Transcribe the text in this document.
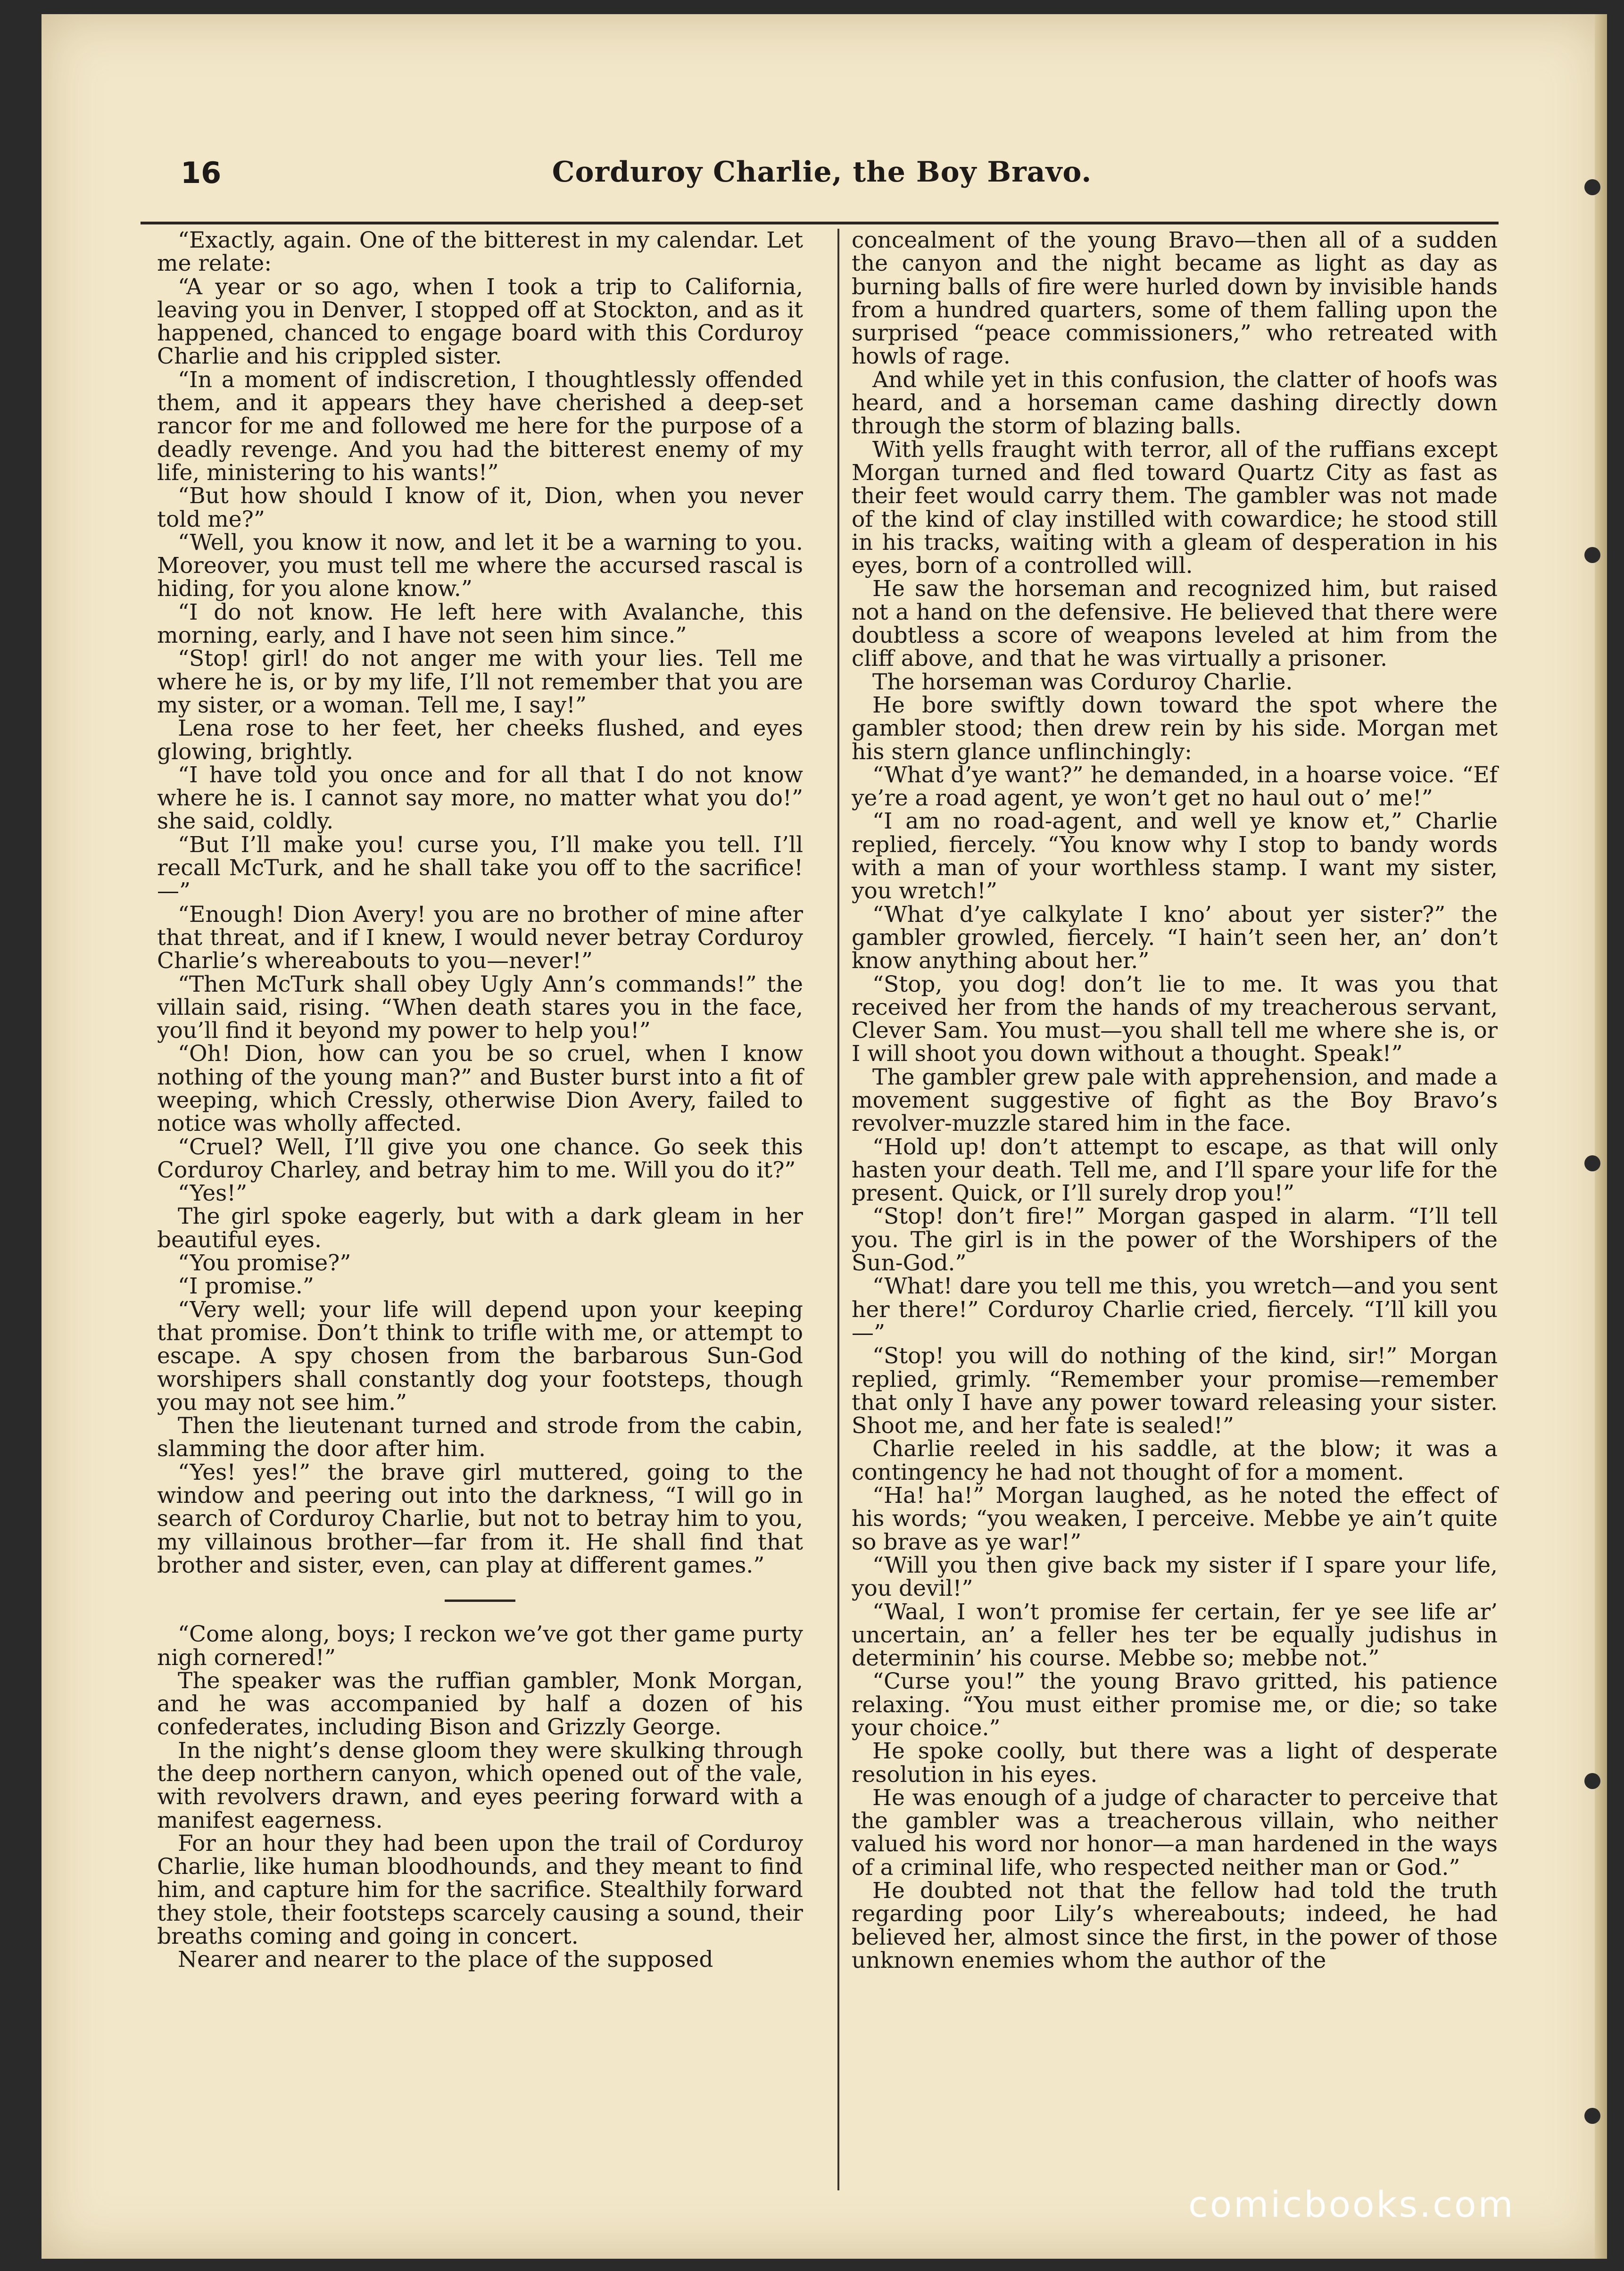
16	Corduroy Charlie, the Boy Bravo.

“Exactly, again. One of the bitterest in my calendar. Let me relate:

“A year or so ago, when I took a trip to California, leaving you in Denver, I stopped off at Stockton, and as it happened, chanced to engage board with this Corduroy Charlie and his crippled sister.

“In a moment of indiscretion, I thoughtlessly offended them, and it appears they have cherished a deep-set rancor for me and followed me here for the purpose of a deadly revenge. And you had the bitterest enemy of my life, ministering to his wants!”

“But how should I know of it, Dion, when you never told me?”

“Well, you know it now, and let it be a warning to you. Moreover, you must tell me where the accursed rascal is hiding, for you alone know.”

“I do not know. He left here with Avalanche, this morning, early, and I have not seen him since.”

“Stop! girl! do not anger me with your lies. Tell me where he is, or by my life, I’ll not remember that you are my sister, or a woman. Tell me, I say!”

Lena rose to her feet, her cheeks flushed, and eyes glowing, brightly.

“I have told you once and for all that I do not know where he is. I cannot say more, no matter what you do!” she said, coldly.

“But I’ll make you! curse you, I’ll make you tell. I’ll recall McTurk, and he shall take you off to the sacrifice!—”

“Enough! Dion Avery! you are no brother of mine after that threat, and if I knew, I would never betray Corduroy Charlie’s whereabouts to you—never!”

“Then McTurk shall obey Ugly Ann’s commands!” the villain said, rising. “When death stares you in the face, you’ll find it beyond my power to help you!”

“Oh! Dion, how can you be so cruel, when I know nothing of the young man?” and Buster burst into a fit of weeping, which Cressly, otherwise Dion Avery, failed to notice was wholly affected.

“Cruel? Well, I’ll give you one chance. Go seek this Corduroy Charley, and betray him to me. Will you do it?”

“Yes!”

The girl spoke eagerly, but with a dark gleam in her beautiful eyes.

“You promise?”

“I promise.”

“Very well; your life will depend upon your keeping that promise. Don’t think to trifle with me, or attempt to escape. A spy chosen from the barbarous Sun-God worshipers shall constantly dog your footsteps, though you may not see him.”

Then the lieutenant turned and strode from the cabin, slamming the door after him.

“Yes! yes!” the brave girl muttered, going to the window and peering out into the darkness, “I will go in search of Corduroy Charlie, but not to betray him to you, my villainous brother—far from it. He shall find that brother and sister, even, can play at different games.”

“Come along, boys; I reckon we’ve got ther game purty nigh cornered!”

The speaker was the ruffian gambler, Monk Morgan, and he was accompanied by half a dozen of his confederates, including Bison and Grizzly George.

In the night’s dense gloom they were skulking through the deep northern canyon, which opened out of the vale, with revolvers drawn, and eyes peering forward with a manifest eagerness.

For an hour they had been upon the trail of Corduroy Charlie, like human bloodhounds, and they meant to find him, and capture him for the sacrifice. Stealthily forward they stole, their footsteps scarcely causing a sound, their breaths coming and going in concert.

Nearer and nearer to the place of the supposed

concealment of the young Bravo—then all of a sudden the canyon and the night became as light as day as burning balls of fire were hurled down by invisible hands from a hundred quarters, some of them falling upon the surprised “peace commissioners,” who retreated with howls of rage.

And while yet in this confusion, the clatter of hoofs was heard, and a horseman came dashing directly down through the storm of blazing balls.

With yells fraught with terror, all of the ruffians except Morgan turned and fled toward Quartz City as fast as their feet would carry them. The gambler was not made of the kind of clay instilled with cowardice; he stood still in his tracks, waiting with a gleam of desperation in his eyes, born of a controlled will.

He saw the horseman and recognized him, but raised not a hand on the defensive. He believed that there were doubtless a score of weapons leveled at him from the cliff above, and that he was virtually a prisoner.

The horseman was Corduroy Charlie.

He bore swiftly down toward the spot where the gambler stood; then drew rein by his side. Morgan met his stern glance unflinchingly:

“What d’ye want?” he demanded, in a hoarse voice. “Ef ye’re a road agent, ye won’t get no haul out o’ me!”

“I am no road-agent, and well ye know et,” Charlie replied, fiercely. “You know why I stop to bandy words with a man of your worthless stamp. I want my sister, you wretch!”

“What d’ye calkylate I kno’ about yer sister?” the gambler growled, fiercely. “I hain’t seen her, an’ don’t know anything about her.”

“Stop, you dog! don’t lie to me. It was you that received her from the hands of my treacherous servant, Clever Sam. You must—you shall tell me where she is, or I will shoot you down without a thought. Speak!”

The gambler grew pale with apprehension, and made a movement suggestive of fight as the Boy Bravo’s revolver-muzzle stared him in the face.

“Hold up! don’t attempt to escape, as that will only hasten your death. Tell me, and I’ll spare your life for the present. Quick, or I’ll surely drop you!”

“Stop! don’t fire!” Morgan gasped in alarm. “I’ll tell you. The girl is in the power of the Worshipers of the Sun-God.”

“What! dare you tell me this, you wretch—and you sent her there!” Corduroy Charlie cried, fiercely. “I’ll kill you—”

“Stop! you will do nothing of the kind, sir!” Morgan replied, grimly. “Remember your promise—remember that only I have any power toward releasing your sister. Shoot me, and her fate is sealed!”

Charlie reeled in his saddle, at the blow; it was a contingency he had not thought of for a moment.

“Ha! ha!” Morgan laughed, as he noted the effect of his words; “you weaken, I perceive. Mebbe ye ain’t quite so brave as ye war!”

“Will you then give back my sister if I spare your life, you devil!”

“Waal, I won’t promise fer certain, fer ye see life ar’ uncertain, an’ a feller hes ter be equally judishus in determinin’ his course. Mebbe so; mebbe not.”

“Curse you!” the young Bravo gritted, his patience relaxing. “You must either promise me, or die; so take your choice.”

He spoke coolly, but there was a light of desperate resolution in his eyes.

He was enough of a judge of character to perceive that the gambler was a treacherous villain, who neither valued his word nor honor—a man hardened in the ways of a criminal life, who respected neither man or God.”

He doubted not that the fellow had told the truth regarding poor Lily’s whereabouts; indeed, he had believed her, almost since the first, in the power of those unknown enemies whom the author of the

comicbooks.com
